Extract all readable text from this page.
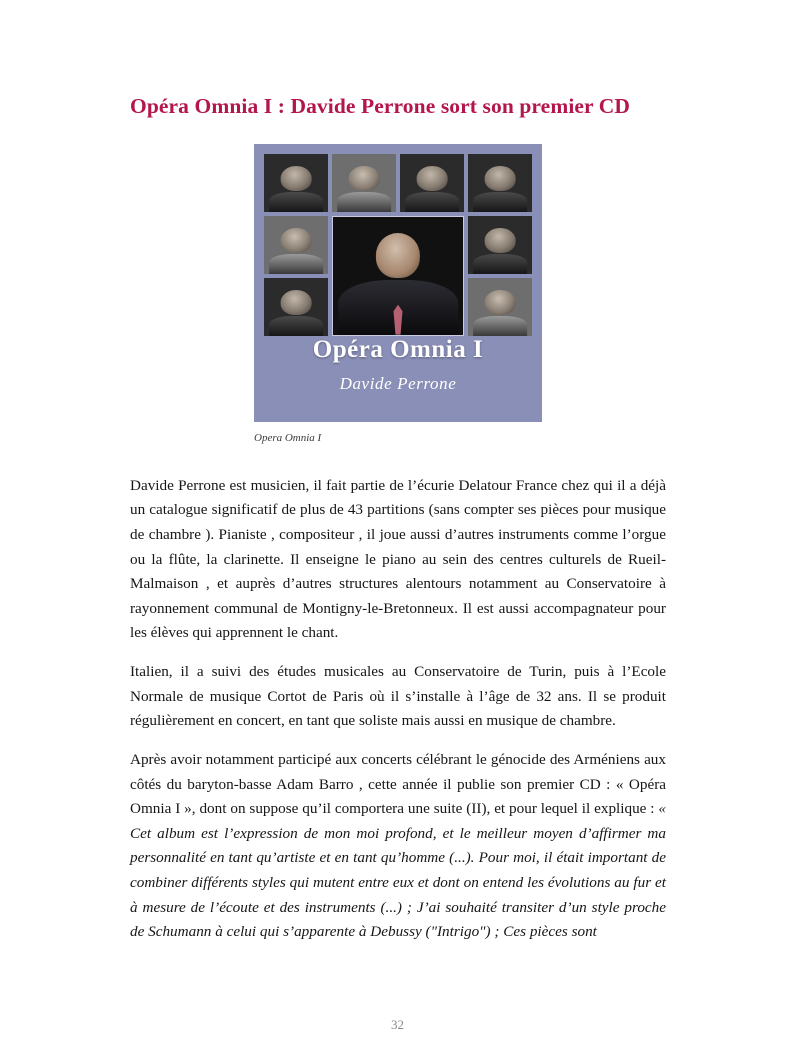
Opéra Omnia I : Davide Perrone sort son premier CD
Opéra Omnia I
Davide Perrone
Opera Omnia I

Davide Perrone est musicien, il fait partie de l’écurie Delatour France chez qui il a déjà un catalogue significatif de plus de 43 partitions (sans compter ses pièces pour musique de chambre ). Pianiste , compositeur , il joue aussi d’autres instruments comme l’orgue ou la flûte, la clarinette. Il enseigne le piano au sein des centres culturels de Rueil-Malmaison , et auprès d’autres structures alentours notamment au Conservatoire à rayonnement communal de Montigny-le-Bretonneux. Il est aussi accompagnateur pour les élèves qui apprennent le chant.

Italien, il a suivi des études musicales au Conservatoire de Turin, puis à l’Ecole Normale de musique Cortot de Paris où il s’installe à l’âge de 32 ans. Il se produit régulièrement en concert, en tant que soliste mais aussi en musique de chambre.

Après avoir notamment participé aux concerts célébrant le génocide des Arméniens aux côtés du baryton-basse Adam Barro , cette année il publie son premier CD : « Opéra Omnia I », dont on suppose qu’il comportera une suite (II), et pour lequel il explique : « Cet album est l’expression de mon moi profond, et le meilleur moyen d’affirmer ma personnalité en tant qu’artiste et en tant qu’homme (...). Pour moi, il était important de combiner différents styles qui mutent entre eux et dont on entend les évolutions au fur et à mesure de l’écoute et des instruments (...) ; J’ai souhaité transiter d’un style proche de Schumann à celui qui s’apparente à Debussy ("Intrigo") ; Ces pièces sont

32
